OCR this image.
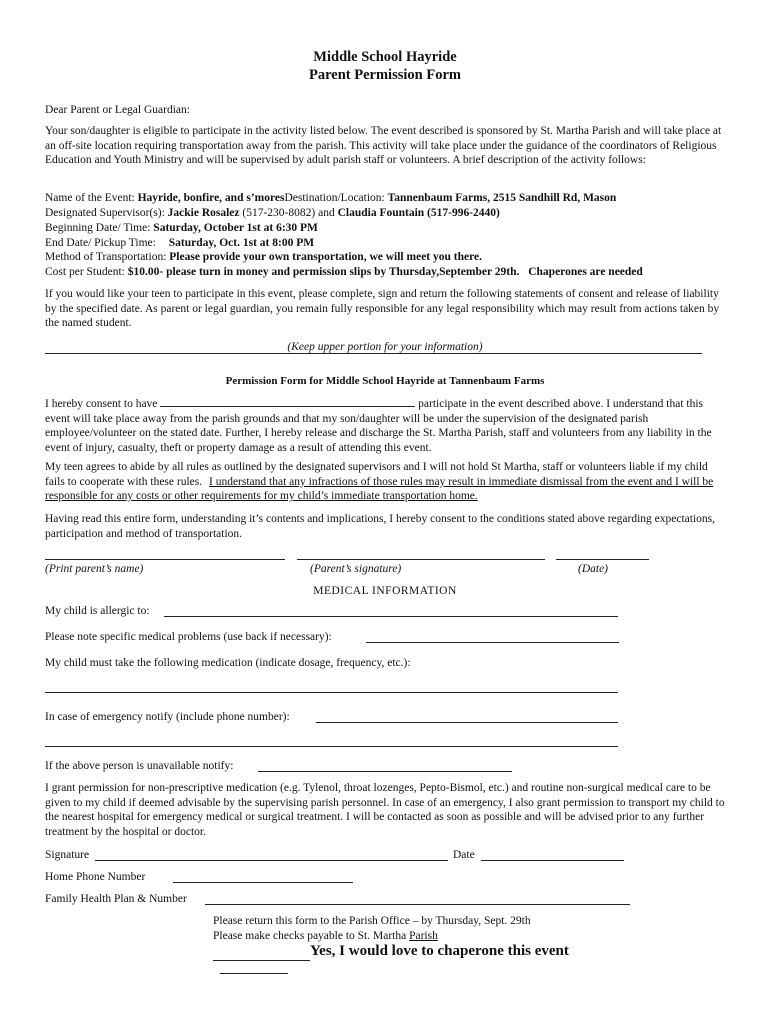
Middle School Hayride
Parent Permission Form
Dear Parent or Legal Guardian:
Your son/daughter is eligible to participate in the activity listed below. The event described is sponsored by St. Martha Parish and will take place at an off-site location requiring transportation away from the parish. This activity will take place under the guidance of the coordinators of Religious Education and Youth Ministry and will be supervised by adult parish staff or volunteers. A brief description of the activity follows:
Name of the Event: Hayride, bonfire, and s’moresDestination/Location: Tannenbaum Farms, 2515 Sandhill Rd, Mason
Designated Supervisor(s): Jackie Rosalez (517-230-8082) and Claudia Fountain (517-996-2440)
Beginning Date/ Time: Saturday, October 1st at 6:30 PM
End Date/ Pickup Time: Saturday, Oct. 1st at 8:00 PM
Method of Transportation: Please provide your own transportation, we will meet you there.
Cost per Student: $10.00- please turn in money and permission slips by Thursday,September 29th. Chaperones are needed
If you would like your teen to participate in this event, please complete, sign and return the following statements of consent and release of liability by the specified date. As parent or legal guardian, you remain fully responsible for any legal responsibility which may result from actions taken by the named student.
(Keep upper portion for your information)
Permission Form for Middle School Hayride at Tannenbaum Farms
I hereby consent to have	participate in the event described above. I understand that this event will take place away from the parish grounds and that my son/daughter will be under the supervision of the designated parish employee/volunteer on the stated date. Further, I hereby release and discharge the St. Martha Parish, staff and volunteers from any liability in the event of injury, casualty, theft or property damage as a result of attending this event.
My teen agrees to abide by all rules as outlined by the designated supervisors and I will not hold St Martha, staff or volunteers liable if my child fails to cooperate with these rules. I understand that any infractions of those rules may result in immediate dismissal from the event and I will be responsible for any costs or other requirements for my child’s immediate transportation home.
Having read this entire form, understanding it’s contents and implications, I hereby consent to the conditions stated above regarding expectations, participation and method of transportation.
(Print parent’s name)	(Parent’s signature)	(Date)
MEDICAL INFORMATION
My child is allergic to:
Please note specific medical problems (use back if necessary):
My child must take the following medication (indicate dosage, frequency, etc.):
In case of emergency notify (include phone number):
If the above person is unavailable notify:
I grant permission for non-prescriptive medication (e.g. Tylenol, throat lozenges, Pepto-Bismol, etc.) and routine non-surgical medical care to be given to my child if deemed advisable by the supervising parish personnel. In case of an emergency, I also grant permission to transport my child to the nearest hospital for emergency medical or surgical treatment. I will be contacted as soon as possible and will be advised prior to any further treatment by the hospital or doctor.
Signature	Date
Home Phone Number
Family Health Plan & Number
Please return this form to the Parish Office – by Thursday, Sept. 29th
Please make checks payable to St. Martha Parish
Yes, I would love to chaperone this event
